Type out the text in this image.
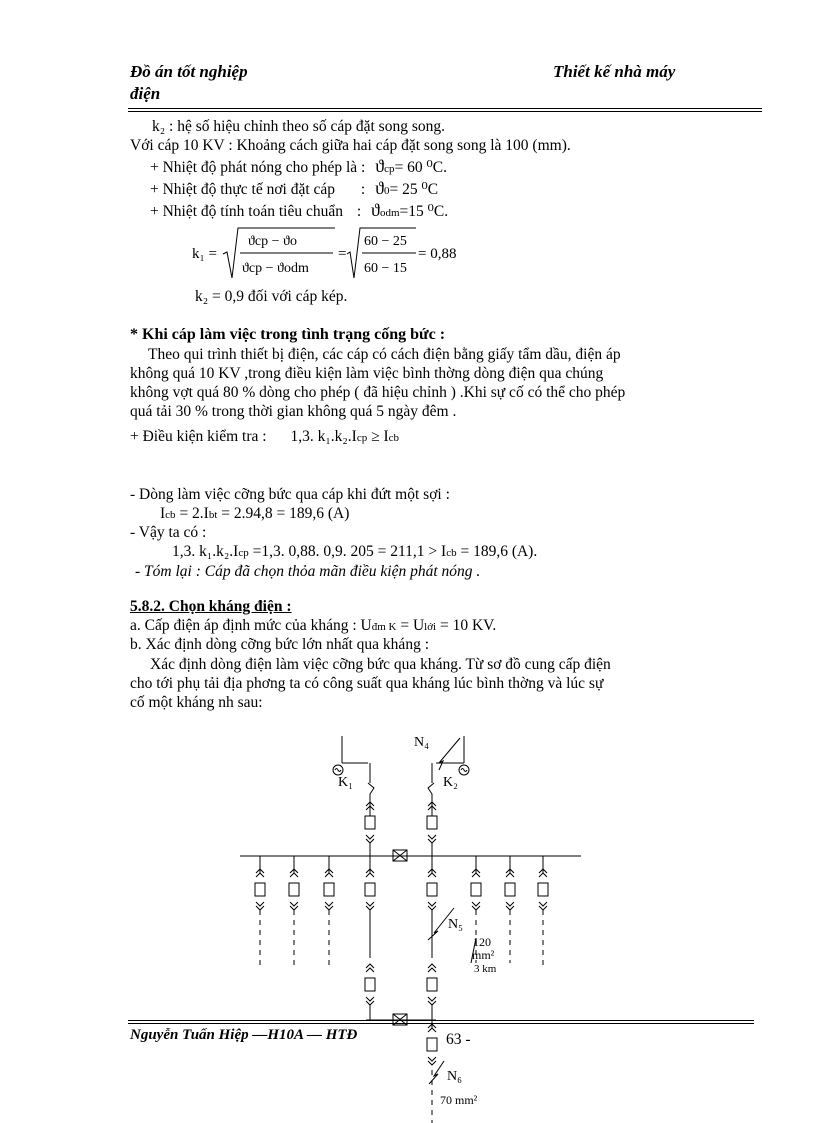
Đồ án tốt nghiệp
điện
Thiết kế nhà máy
k₂ : hệ số hiệu chỉnh theo số cáp đặt song song.
Với cáp 10 KV : Khoảng cách giữa hai cáp đặt song song là 100 (mm).
+ Nhiệt độ phát nóng cho phép là : ϑcp= 60 ⁰C.
+ Nhiệt độ thực tế nơi đặt cáp : ϑ0= 25 ⁰C
+ Nhiệt độ tính toán tiêu chuẩn : ϑodm=15 ⁰C.
k₁ =
ϑcp − ϑo
ϑcp − ϑodm
=
60 − 25
60 − 15
= 0,88
k₂ = 0,9 đối với cáp kép.
* Khi cáp làm việc trong tình trạng cống bức :
Theo qui trình thiết bị điện, các cáp có cách điện bằng giấy tẩm dầu, điện áp
không quá 10 KV ,trong điều kiện làm việc bình thờng dòng điện qua chúng
không vợt quá 80 % dòng cho phép ( đã hiệu chỉnh ) .Khi sự cố có thể cho phép
quá tải 30 % trong thời gian không quá 5 ngày đêm .
+ Điều kiện kiểm tra : 1,3. k₁.k₂.Icp ≥ Icb
- Dòng làm việc cỡng bức qua cáp khi đứt một sợi :
Icb = 2.Ibt = 2.94,8 = 189,6 (A)
- Vậy ta có :
1,3. k₁.k₂.Icp =1,3. 0,88. 0,9. 205 = 211,1 > Icb = 189,6 (A).
- Tóm lại : Cáp đã chọn thỏa mãn điều kiện phát nóng .
5.8.2. Chọn kháng điện :
a. Cấp điện áp định mức của kháng : Uđm K = Ulới = 10 KV.
b. Xác định dòng cỡng bức lớn nhất qua kháng :
Xác định dòng điện làm việc cỡng bức qua kháng. Từ sơ đồ cung cấp điện
cho tới phụ tải địa phơng ta có công suất qua kháng lúc bình thờng và lúc sự
cố một kháng nh sau:
K₁	K₂
N₄
N₅
N₆
120
mm²
3 km
70 mm²
Nguyễn Tuấn Hiệp —H10A — HTĐ	63 -
